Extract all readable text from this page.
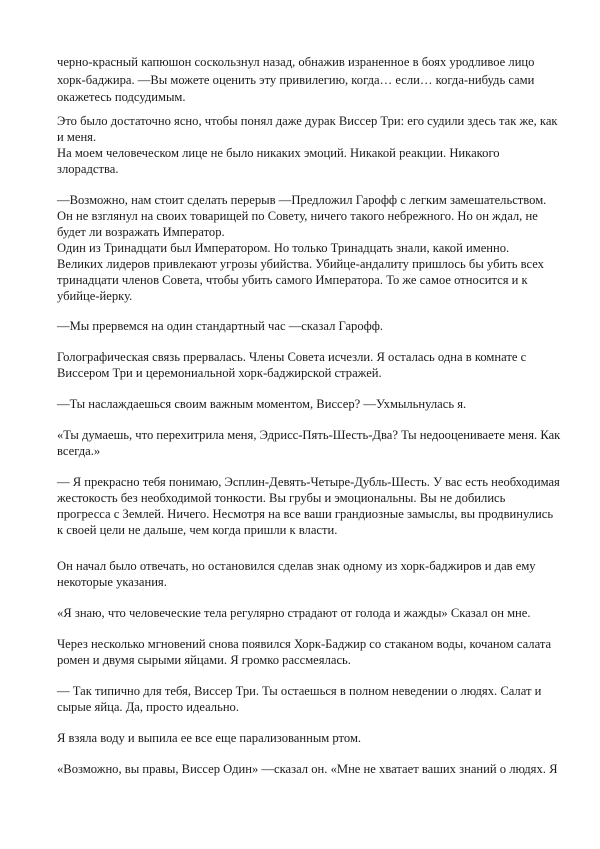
черно-красный капюшон соскользнул назад, обнажив израненное в боях уродливое лицо
хорк-баджира. —Вы можете оценить эту привилегию, когда… если… когда-нибудь сами
окажетесь подсудимым.
Это было достаточно ясно, чтобы понял даже дурак Виссер Три: его судили здесь так же, как
и меня.
На моем человеческом лице не было никаких эмоций. Никакой реакции. Никакого
злорадства.
—Возможно, нам стоит сделать перерыв —Предложил Гарофф с легким замешательством.
Он не взглянул на своих товарищей по Совету, ничего такого небрежного. Но он ждал, не
будет ли возражать Император.
Один из Тринадцати был Императором. Но только Тринадцать знали, какой именно.
Великих лидеров привлекают угрозы убийства. Убийце-андалиту пришлось бы убить всех
тринадцати членов Совета, чтобы убить самого Императора. То же самое относится и к
убийце-йерку.
—Мы прервемся на один стандартный час —сказал Гарофф.
Голографическая связь прервалась. Члены Совета исчезли. Я осталась одна в комнате с
Виссером Три и церемониальной хорк-баджирской стражей.
—Ты наслаждаешься своим важным моментом, Виссер? —Ухмыльнулась я.
«Ты думаешь, что перехитрила меня, Эдрисс-Пять-Шесть-Два? Ты недооцениваете меня. Как
всегда.»
— Я прекрасно тебя понимаю, Эсплин-Девять-Четыре-Дубль-Шесть. У вас есть необходимая
жестокость без необходимой тонкости. Вы грубы и эмоциональны. Вы не добились
прогресса с Землей. Ничего. Несмотря на все ваши грандиозные замыслы, вы продвинулись
к своей цели не дальше, чем когда пришли к власти.
Он начал было отвечать, но остановился сделав знак одному из хорк-баджиров и дав ему
некоторые указания.
«Я знаю, что человеческие тела регулярно страдают от голода и жажды» Сказал он мне.
Через несколько мгновений снова появился Хорк-Баджир со стаканом воды, кочаном салата
ромен и двумя сырыми яйцами. Я громко рассмеялась.
— Так типично для тебя, Виссер Три. Ты остаешься в полном неведении о людях. Салат и
сырые яйца. Да, просто идеально.
Я взяла воду и выпила ее все еще парализованным ртом.
«Возможно, вы правы, Виссер Один» —сказал он. «Мне не хватает ваших знаний о людях. Я
